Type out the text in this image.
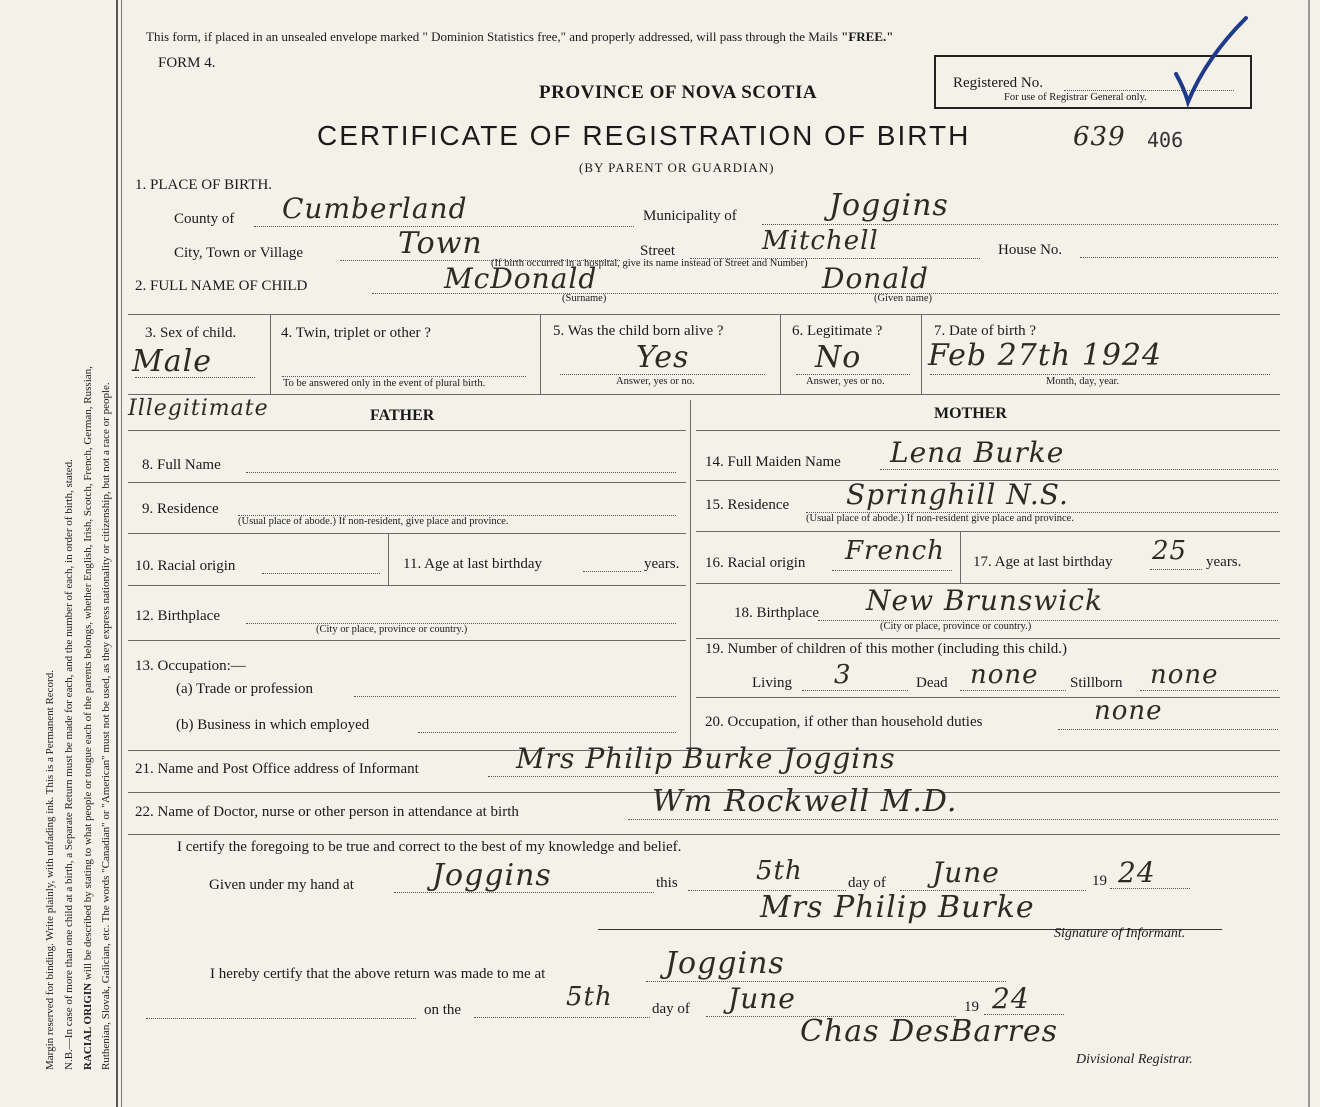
Margin reserved for binding. Write plainly, with unfading ink. This is a Permanent Record. N.B.—In case of more than one child at a birth, a Separate Return must be made for each, and the number of each, in order of birth, stated. RACIAL ORIGIN will be described by stating to what people or tongue each of the parents belongs, whether English, Irish, Scotch, French, German, Russian, Ruthenian, Slovak, Galician, etc. The words "Canadian" or "American" must not be used, as they express nationality or citizenship, but not a race or people.
This form, if placed in an unsealed envelope marked " Dominion Statistics free," and properly addressed, will pass through the Mails "FREE."
FORM 4.
PROVINCE OF NOVA SCOTIA	Registered No.
For use of Registrar General only.
CERTIFICATE OF REGISTRATION OF BIRTH	639 406
(BY PARENT OR GUARDIAN)
1. PLACE OF BIRTH.
County of Cumberland	Municipality of	Joggins
City, Town or Village	Town	Street	Mitchell	House No.
(If birth occurred in a hospital, give its name instead of Street and Number)
2. FULL NAME OF CHILD	McDonald
(Surname)
Donald
(Given name)
3. Sex of child.
Male
4. Twin, triplet or other ?
To be answered only in the event of plural birth.
5. Was the child born alive ?
Yes
Answer, yes or no.
6. Legitimate ?
No
Answer, yes or no.
7. Date of birth ?
Feb 27th 1924
Month, day, year.
Illegitimate	FATHER	MOTHER
8. Full Name
9. Residence
(Usual place of abode.) If non-resident, give place and province.
10. Racial origin	11. Age at last birthday	years.
12. Birthplace
(City or place, province or country.)
13. Occupation:—
(a) Trade or profession
(b) Business in which employed
14. Full Maiden Name Lena Burke
15. Residence Springhill N.S.
(Usual place of abode.) If non-resident give place and province.
16. Racial origin French 17. Age at last birthday 25 years.
18. Birthplace New Brunswick
(City or place, province or country.)
19. Number of children of this mother (including this child.)
Living 3	Dead none Stillborn none
20. Occupation, if other than household duties	none
21. Name and Post Office address of Informant	Mrs Philip Burke Joggins
22. Name of Doctor, nurse or other person in attendance at birth	Wm Rockwell M.D.
I certify the foregoing to be true and correct to the best of my knowledge and belief.
Given under my hand at	Joggins	this	5th	day of June	19 24
Mrs Philip Burke
Signature of Informant.
I hereby certify that the above return was made to me at	Joggins
on the	5th	day of June	19 24
Chas DesBarres
Divisional Registrar.
